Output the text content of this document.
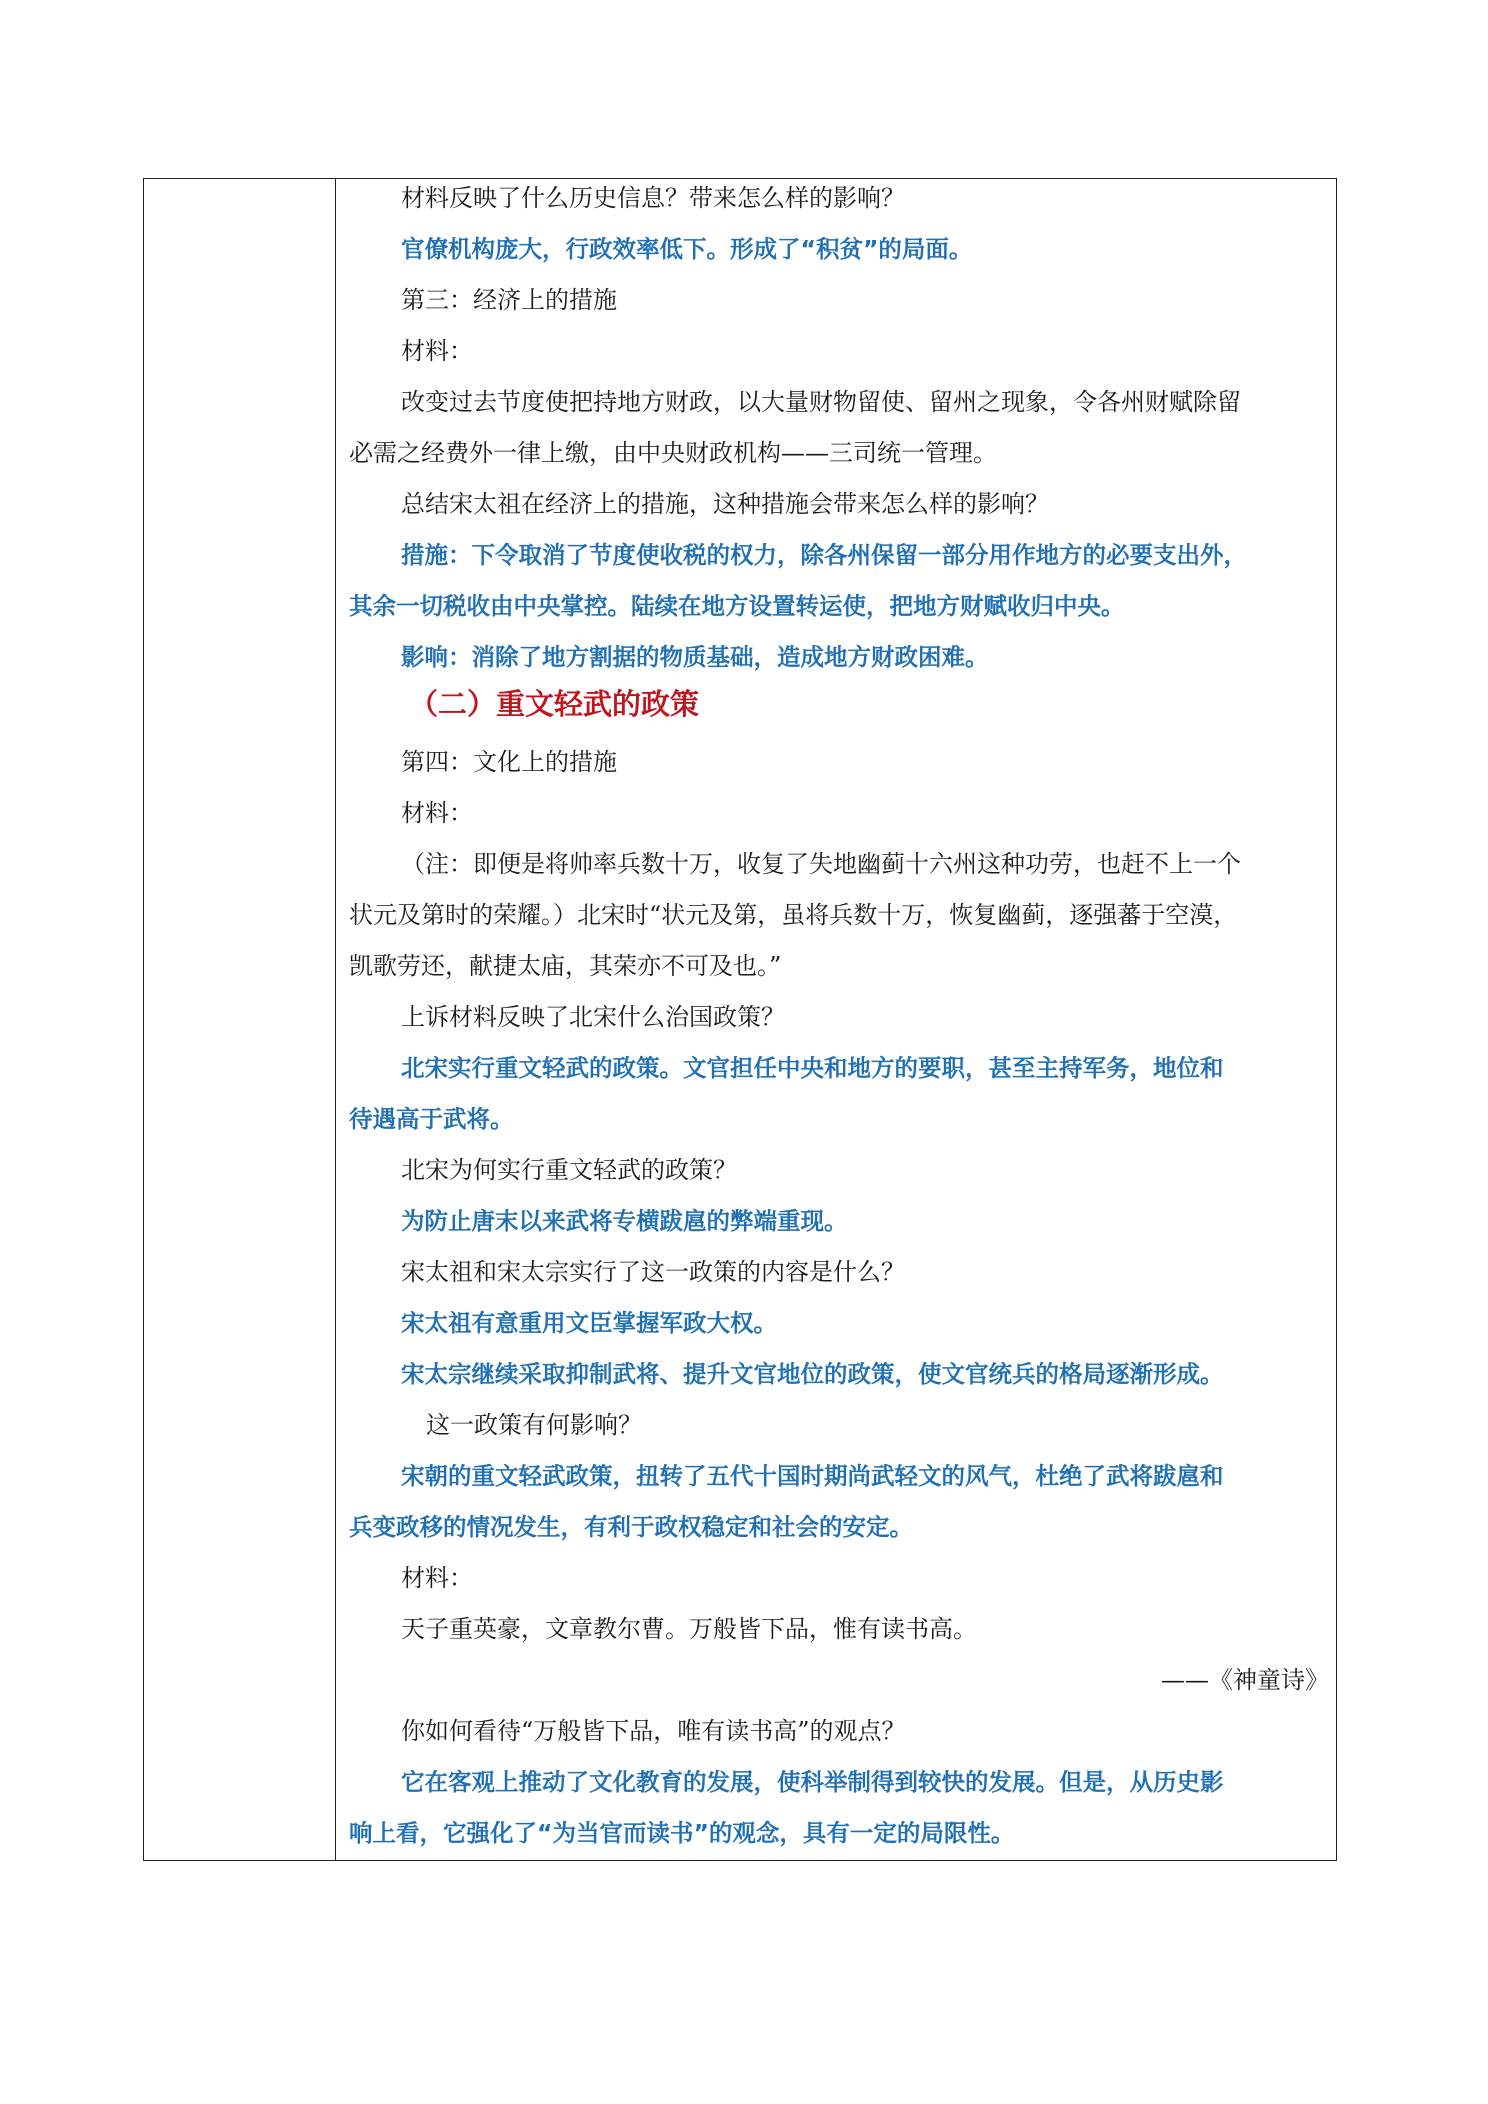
材料反映了什么历史信息？带来怎么样的影响？
官僚机构庞大，行政效率低下。形成了“积贫”的局面。
第三：经济上的措施
材料：
改变过去节度使把持地方财政，以大量财物留使、留州之现象，令各州财赋除留
必需之经费外一律上缴，由中央财政机构——三司统一管理。
总结宋太祖在经济上的措施，这种措施会带来怎么样的影响？
措施：下令取消了节度使收税的权力，除各州保留一部分用作地方的必要支出外，
其余一切税收由中央掌控。陆续在地方设置转运使，把地方财赋收归中央。
影响：消除了地方割据的物质基础，造成地方财政困难。
（二）重文轻武的政策
第四：文化上的措施
材料：
（注：即便是将帅率兵数十万，收复了失地幽蓟十六州这种功劳，也赶不上一个
状元及第时的荣耀。）北宋时“状元及第，虽将兵数十万，恢复幽蓟，逐强蕃于空漠，
凯歌劳还，献捷太庙，其荣亦不可及也。”
上诉材料反映了北宋什么治国政策？
北宋实行重文轻武的政策。文官担任中央和地方的要职，甚至主持军务，地位和
待遇高于武将。
北宋为何实行重文轻武的政策？
为防止唐末以来武将专横跋扈的弊端重现。
宋太祖和宋太宗实行了这一政策的内容是什么？
宋太祖有意重用文臣掌握军政大权。
宋太宗继续采取抑制武将、提升文官地位的政策，使文官统兵的格局逐渐形成。
这一政策有何影响？
宋朝的重文轻武政策，扭转了五代十国时期尚武轻文的风气，杜绝了武将跋扈和
兵变政移的情况发生，有利于政权稳定和社会的安定。
材料：
天子重英豪，文章教尔曹。万般皆下品，惟有读书高。
——《神童诗》
你如何看待“万般皆下品，唯有读书高”的观点？
它在客观上推动了文化教育的发展，使科举制得到较快的发展。但是，从历史影
响上看，它强化了“为当官而读书”的观念，具有一定的局限性。
